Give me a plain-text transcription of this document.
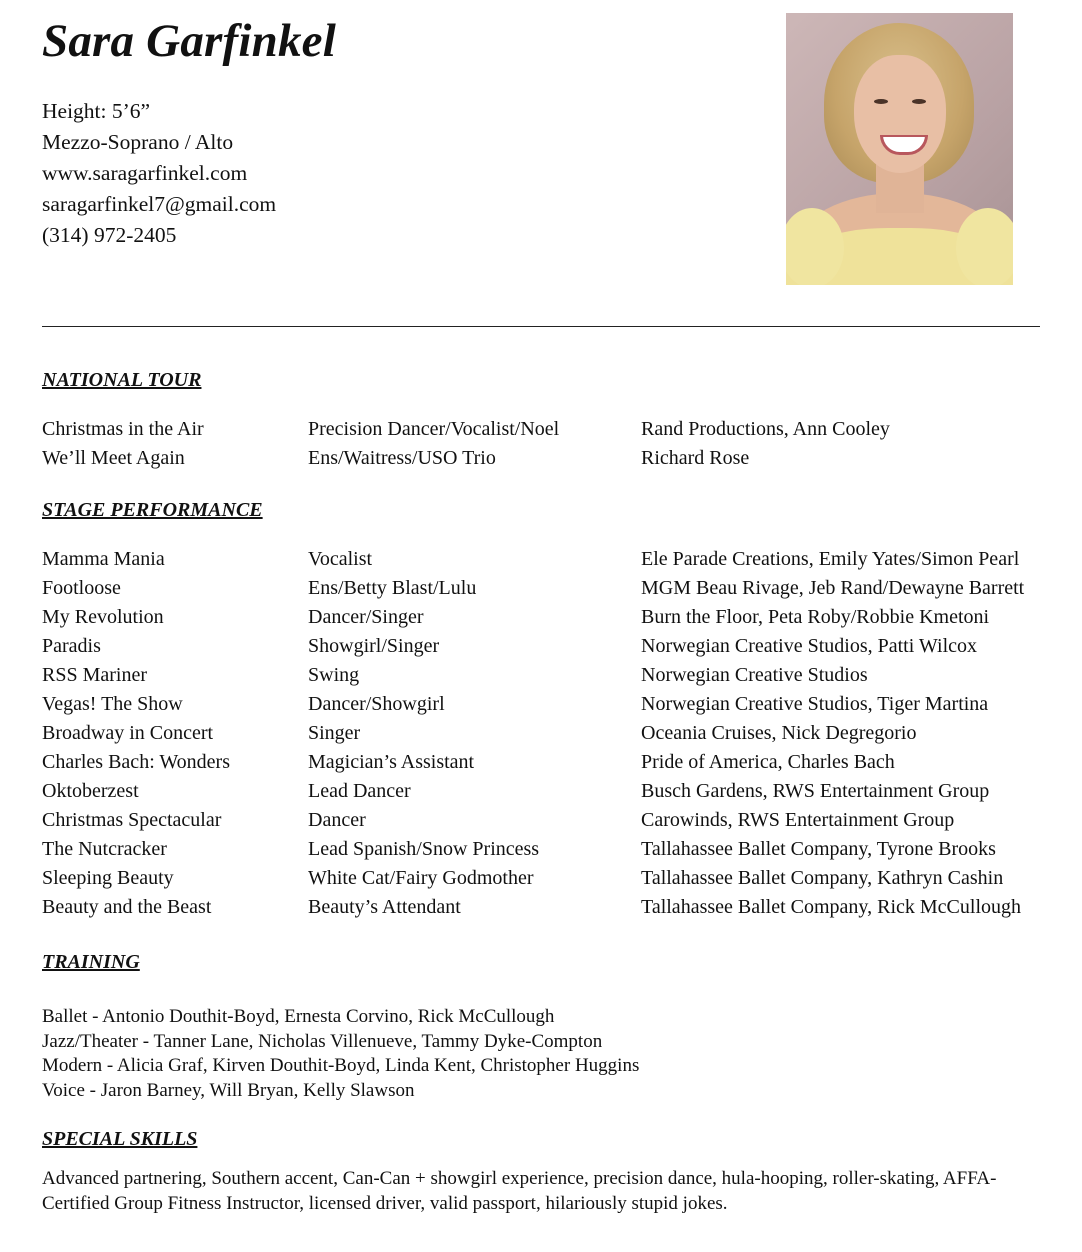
Sara Garfinkel
Height: 5’6”
Mezzo-Soprano / Alto
www.saragarfinkel.com
saragarfinkel7@gmail.com
(314) 972-2405
NATIONAL TOUR
Christmas in the Air	Precision Dancer/Vocalist/Noel	Rand Productions, Ann Cooley
We’ll Meet Again	Ens/Waitress/USO Trio	Richard Rose
STAGE PERFORMANCE
Mamma Mania	Vocalist	Ele Parade Creations, Emily Yates/Simon Pearl
Footloose	Ens/Betty Blast/Lulu	MGM Beau Rivage, Jeb Rand/Dewayne Barrett
My Revolution	Dancer/Singer	Burn the Floor, Peta Roby/Robbie Kmetoni
Paradis	Showgirl/Singer	Norwegian Creative Studios, Patti Wilcox
RSS Mariner	Swing	Norwegian Creative Studios
Vegas! The Show	Dancer/Showgirl	Norwegian Creative Studios, Tiger Martina
Broadway in Concert	Singer	Oceania Cruises, Nick Degregorio
Charles Bach: Wonders	Magician’s Assistant	Pride of America, Charles Bach
Oktoberzest	Lead Dancer	Busch Gardens, RWS Entertainment Group
Christmas Spectacular	Dancer	Carowinds, RWS Entertainment Group
The Nutcracker	Lead Spanish/Snow Princess	Tallahassee Ballet Company, Tyrone Brooks
Sleeping Beauty	White Cat/Fairy Godmother	Tallahassee Ballet Company, Kathryn Cashin
Beauty and the Beast	Beauty’s Attendant	Tallahassee Ballet Company, Rick McCullough
TRAINING
Ballet - Antonio Douthit-Boyd, Ernesta Corvino, Rick McCullough
Jazz/Theater - Tanner Lane, Nicholas Villenueve, Tammy Dyke-Compton
Modern - Alicia Graf, Kirven Douthit-Boyd, Linda Kent, Christopher Huggins
Voice - Jaron Barney, Will Bryan, Kelly Slawson
SPECIAL SKILLS
Advanced partnering, Southern accent, Can-Can + showgirl experience, precision dance, hula-hooping, roller-skating, AFFA-Certified Group Fitness Instructor, licensed driver, valid passport, hilariously stupid jokes.
